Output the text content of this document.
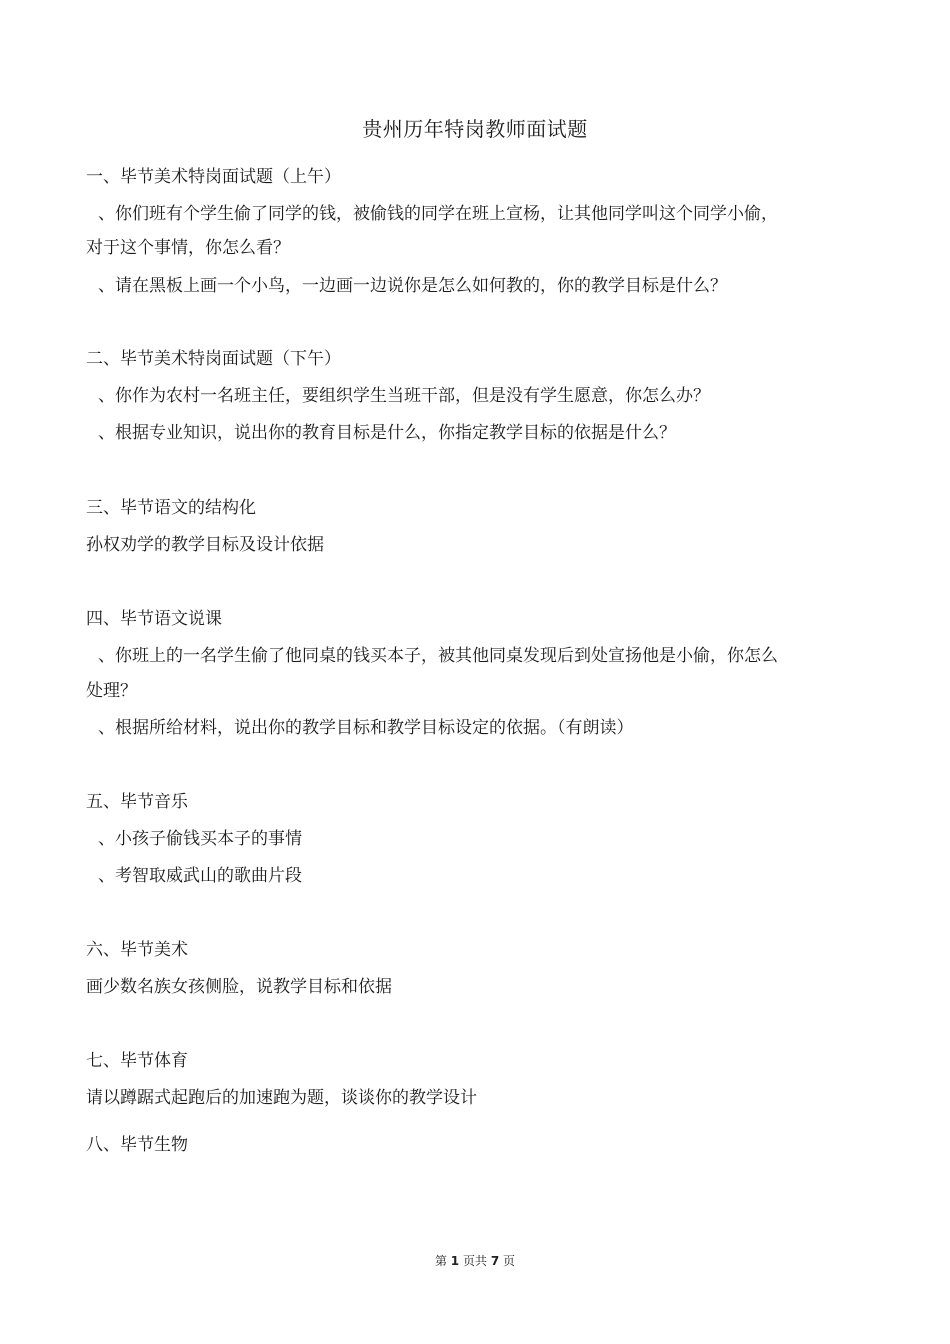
贵州历年特岗教师面试题
一、毕节美术特岗面试题（上午）
、你们班有个学生偷了同学的钱，被偷钱的同学在班上宣杨，让其他同学叫这个同学小偷，
对于这个事情，你怎么看？
、请在黑板上画一个小鸟，一边画一边说你是怎么如何教的，你的教学目标是什么？
二、毕节美术特岗面试题（下午）
、你作为农村一名班主任，要组织学生当班干部，但是没有学生愿意，你怎么办？
、根据专业知识，说出你的教育目标是什么，你指定教学目标的依据是什么？
三、毕节语文的结构化
孙权劝学的教学目标及设计依据
四、毕节语文说课
、你班上的一名学生偷了他同桌的钱买本子，被其他同桌发现后到处宣扬他是小偷，你怎么
处理？
、根据所给材料，说出你的教学目标和教学目标设定的依据。（有朗读）
五、毕节音乐
、小孩子偷钱买本子的事情
、考智取威武山的歌曲片段
六、毕节美术
画少数名族女孩侧脸，说教学目标和依据
七、毕节体育
请以蹲踞式起跑后的加速跑为题，谈谈你的教学设计
八、毕节生物
第 1 页共 7 页
